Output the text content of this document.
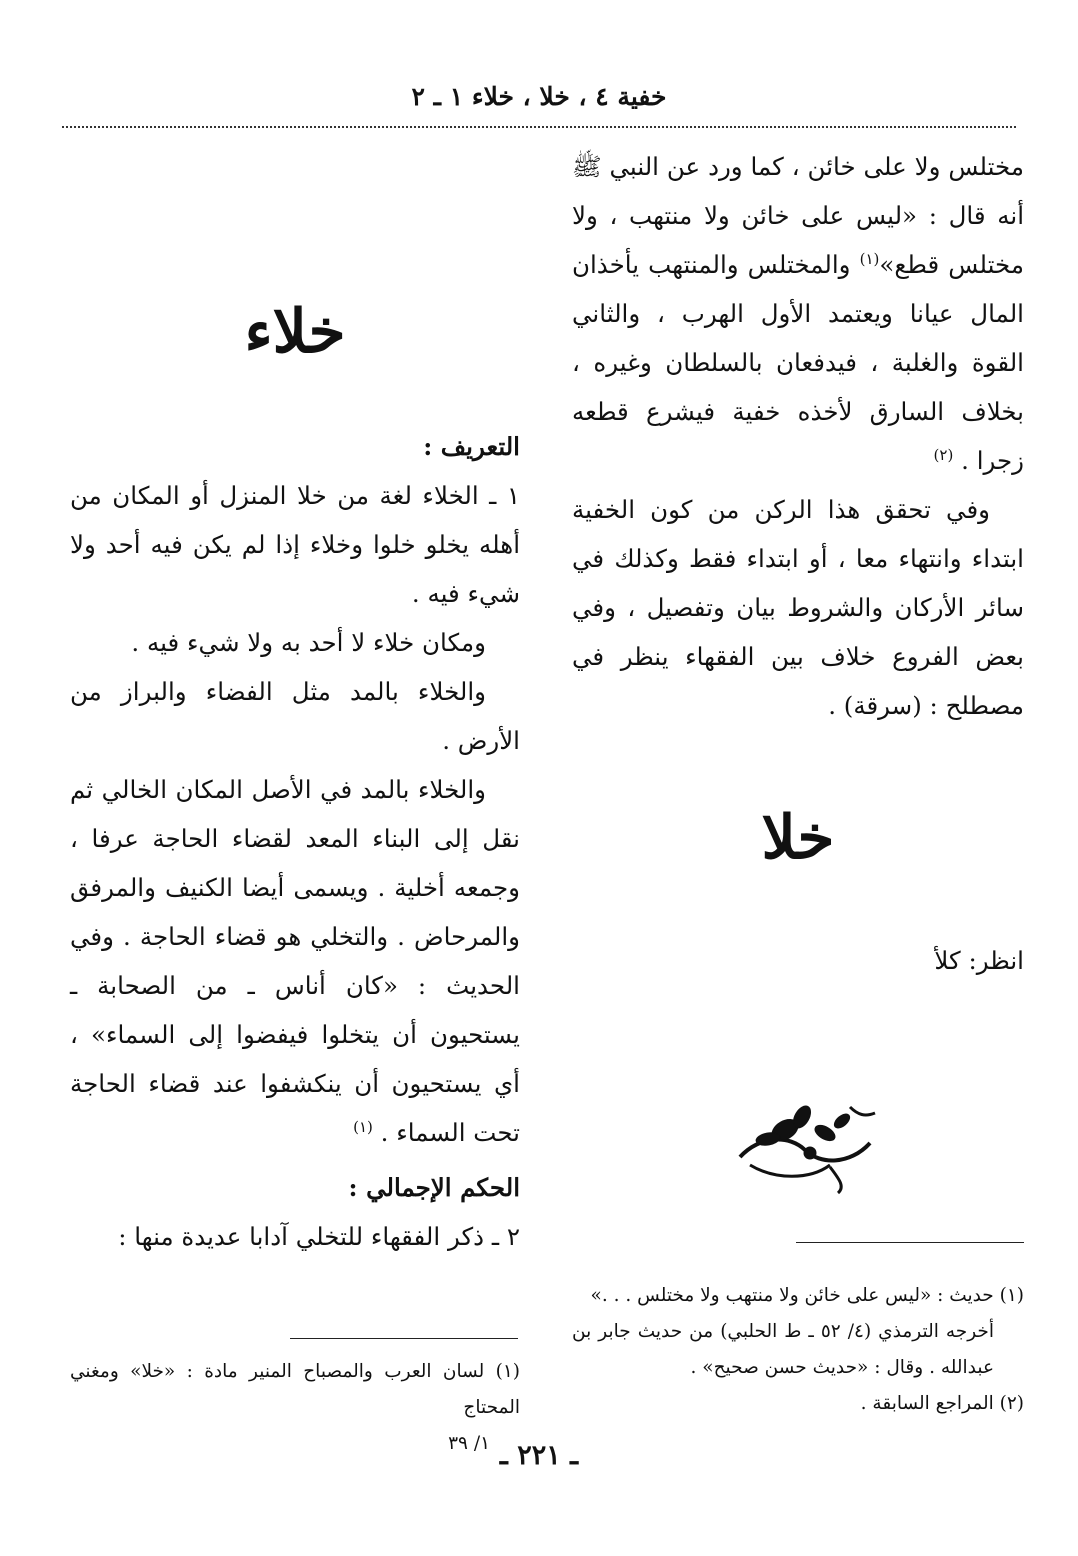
خفية ٤ ، خلا ، خلاء ١ ـ ٢

مختلس ولا على خائن ، كما ورد عن النبي ﷺ أنه قال : «ليس على خائن ولا منتهب ، ولا مختلس قطع»$^{(١)}$ والمختلس والمنتهب يأخذان المال عيانا ويعتمد الأول الهرب ، والثاني القوة والغلبة ، فيدفعان بالسلطان وغيره ، بخلاف السارق لأخذه خفية فيشرع قطعه زجرا . $^{(٢)}$

وفي تحقق هذا الركن من كون الخفية ابتداء وانتهاء معا ، أو ابتداء فقط وكذلك في سائر الأركان والشروط بيان وتفصيل ، وفي بعض الفروع خلاف بين الفقهاء ينظر في مصطلح : (سرقة) .

خلا

انظر: كلأ

خلاء

التعريف :

١ ـ الخلاء لغة من خلا المنزل أو المكان من أهله يخلو خلوا وخلاء إذا لم يكن فيه أحد ولا شيء فيه .

ومكان خلاء لا أحد به ولا شيء فيه .

والخلاء بالمد مثل الفضاء والبراز من الأرض .

والخلاء بالمد في الأصل المكان الخالي ثم نقل إلى البناء المعد لقضاء الحاجة عرفا ، وجمعه أخلية . ويسمى أيضا الكنيف والمرفق والمرحاض . والتخلي هو قضاء الحاجة . وفي الحديث : «كان أناس ـ من الصحابة ـ يستحيون أن يتخلوا فيفضوا إلى السماء» ، أي يستحيون أن ينكشفوا عند قضاء الحاجة تحت السماء . $^{(١)}$

الحكم الإجمالي :

٢ ـ ذكر الفقهاء للتخلي آدابا عديدة منها :

(١) حديث : «ليس على خائن ولا منتهب ولا مختلس . . .»

أخرجه الترمذي (٤/ ٥٢ ـ ط الحلبي) من حديث جابر بن عبدالله . وقال : «حديث حسن صحيح» .

(٢) المراجع السابقة .

(١) لسان العرب والمصباح المنير مادة : «خلا» ومغني المحتاج

١/ ٣٩ ـ ٢٢١ ـ
